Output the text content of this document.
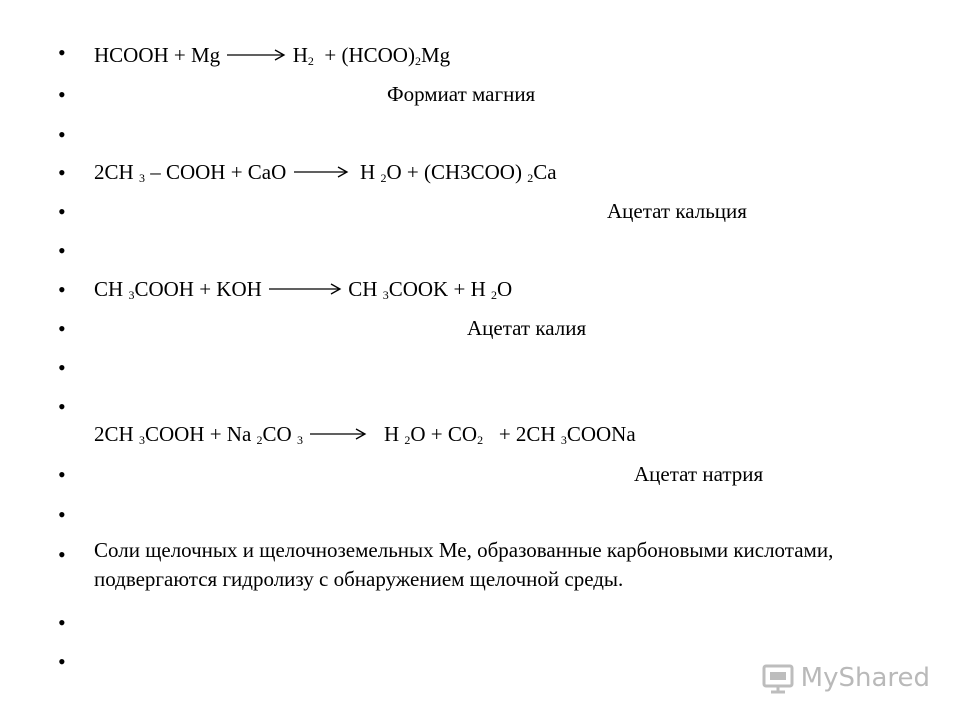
•
•
•
•
•
•
•
•
•
•
•
•
•
•
•
HCOOH + Mg	$H_2$ + $(HCOO)_2Mg$
Формиат магния
2CH $_3$ – COOH + CaO	H $_2$O + (CH3COO) $_2$Ca
Ацетат кальция
CH $_3$COOH + KOH	CH $_3$COOK + H $_2$O
Ацетат калия
2CH $_3$COOH + Na $_2$CO $_3$	H $_2O + CO_2 + 2CH$ $_3$COONa
Ацетат натрия
Соли щелочных и щелочноземельных Ме, образованные карбоновыми кислотами, подвергаются гидролизу с обнаружением щелочной среды.
MyShared
